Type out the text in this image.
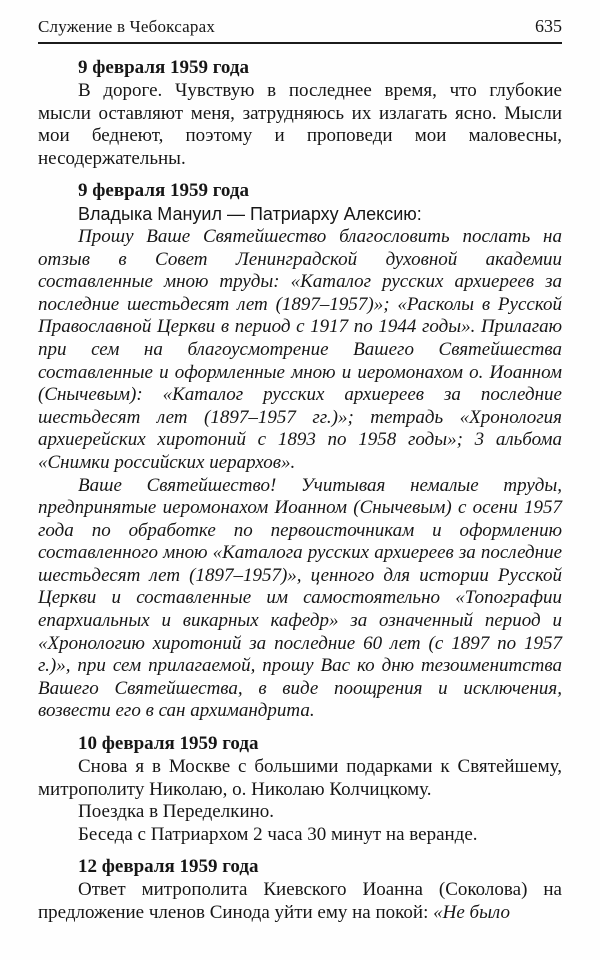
Служение в Чебоксарах	635

9 февраля 1959 года

В дороге. Чувствую в последнее время, что глубокие мысли оставляют меня, затрудняюсь их излагать ясно. Мысли мои беднеют, поэтому и проповеди мои маловесны, несодержательны.

9 февраля 1959 года

Владыка Мануил — Патриарху Алексию:

Прошу Ваше Святейшество благословить послать на отзыв в Совет Ленинградской духовной академии составленные мною труды: «Каталог русских архиереев за последние шестьдесят лет (1897–1957)»; «Расколы в Русской Православной Церкви в период с 1917 по 1944 годы». Прилагаю при сем на благоусмотрение Вашего Святейшества составленные и оформленные мною и иеромонахом о. Иоанном (Снычевым): «Каталог русских архиереев за последние шестьдесят лет (1897–1957 гг.)»; тетрадь «Хронология архиерейских хиротоний с 1893 по 1958 годы»; 3 альбома «Снимки российских иерархов».

Ваше Святейшество! Учитывая немалые труды, предпринятые иеромонахом Иоанном (Снычевым) с осени 1957 года по обработке по первоисточникам и оформлению составленного мною «Каталога русских архиереев за последние шестьдесят лет (1897–1957)», ценного для истории Русской Церкви и составленные им самостоятельно «Топографии епархиальных и викарных кафедр» за означенный период и «Хронологию хиротоний за последние 60 лет (с 1897 по 1957 г.)», при сем прилагаемой, прошу Вас ко дню тезоименитства Вашего Святейшества, в виде поощрения и исключения, возвести его в сан архимандрита.

10 февраля 1959 года

Снова я в Москве с большими подарками к Святейшему, митрополиту Николаю, о. Николаю Колчицкому.

Поездка в Переделкино.

Беседа с Патриархом 2 часа 30 минут на веранде.

12 февраля 1959 года

Ответ митрополита Киевского Иоанна (Соколова) на предложение членов Синода уйти ему на покой: «Не было
